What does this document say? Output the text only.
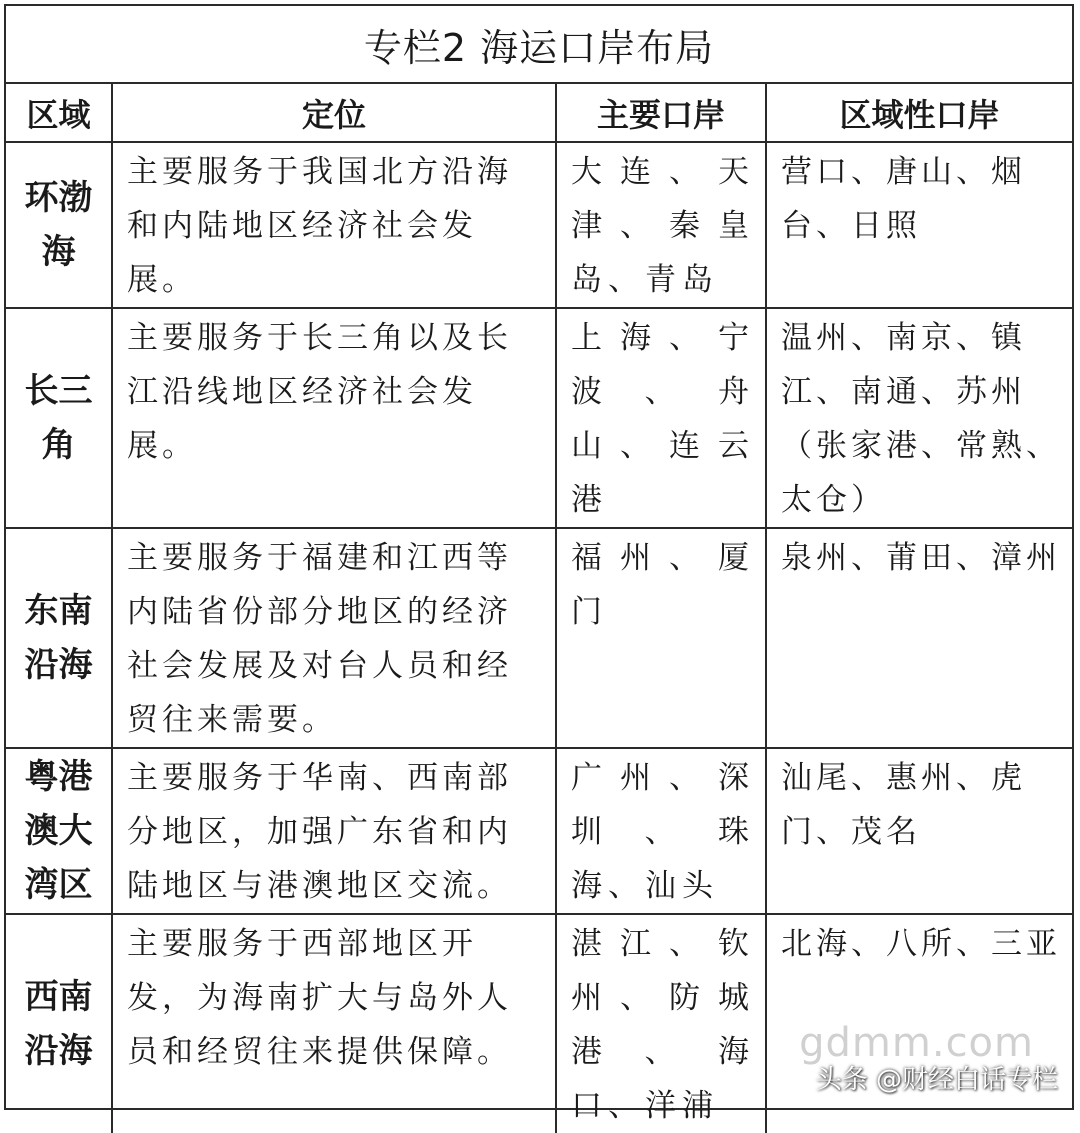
专栏2 海运口岸布局
区域	定位	主要口岸	区域性口岸
环渤海	主要服务于我国北方沿海和内陆地区经济社会发展。	大连、天津、秦皇岛、青岛	营口、唐山、烟台、日照
长三角	主要服务于长三角以及长江沿线地区经济社会发展。	上海、宁波、舟山、连云港	温州、南京、镇江、南通、苏州（张家港、常熟、太仓）
东南沿海	主要服务于福建和江西等内陆省份部分地区的经济社会发展及对台人员和经贸往来需要。	福州、厦门	泉州、莆田、漳州
粤港澳大湾区	主要服务于华南、西南部分地区，加强广东省和内陆地区与港澳地区交流。	广州、深圳、珠海、汕头	汕尾、惠州、虎门、茂名
西南沿海	主要服务于西部地区开发，为海南扩大与岛外人员和经贸往来提供保障。	湛江、钦州、防城港、海口、洋浦	北海、八所、三亚
gdmm.com
头条 @财经白话专栏
